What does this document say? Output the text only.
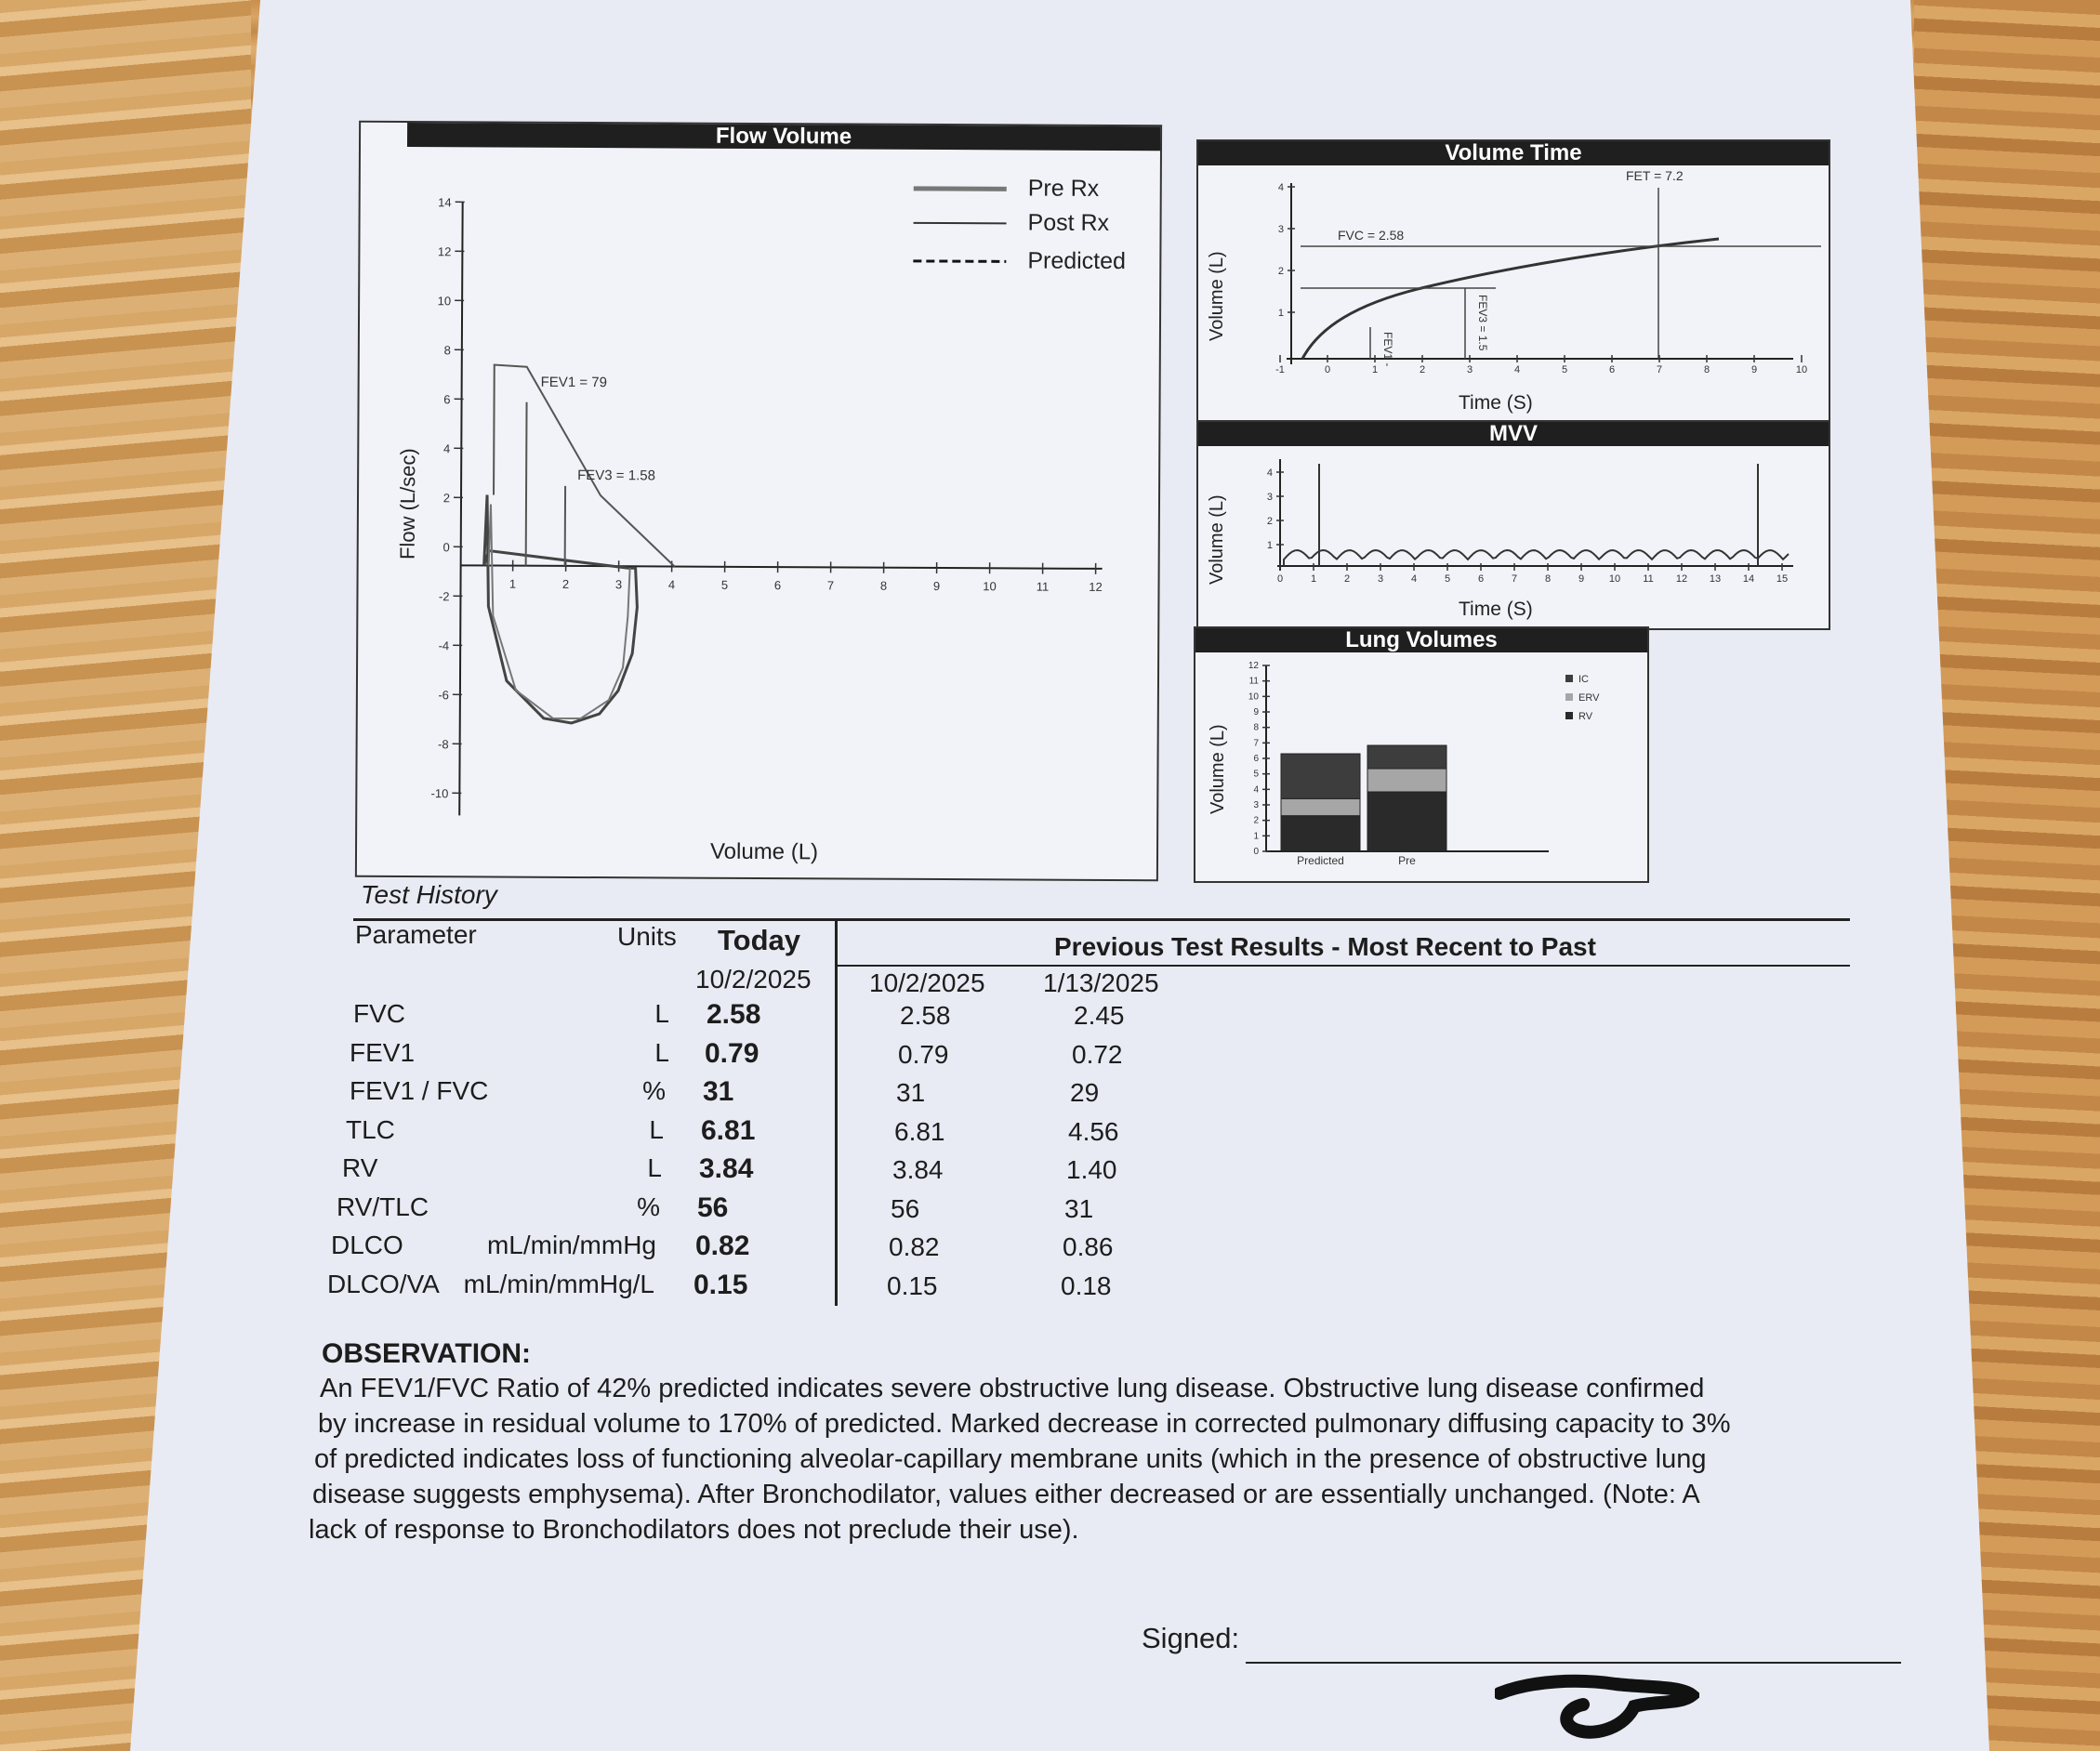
Flow Volume
Pre Rx
Post Rx
Predicted
14
12
10
8
6
4
2
0
-2
-4
-6
-8
-10
1	2	3	4	5	6	7	8	9	10	11	12
FEV1 = 79
FEV3 = 1.58
Flow (L/sec)
Volume (L)
Volume Time
FET = 7.2
FVC = 2.58
FEV1 -	FEV3 = 1.5
-1	0	1	2	3	4	5	6	7	8	9	10
1
2
3
4
Volume (L)
Time (S)
MVV
0	1	2	3	4	5	6	7	8	9 10 11 12 13 14 15
1
2
3
4
Volume (L)
Time (S)
Lung Volumes
0
1
2
3
4
5
6
7
8
9
10
11
12
Predicted	Pre
IC
ERV
RV
Volume (L)
Test History
Parameter	Units Today	Previous Test Results - Most Recent to Past
10/2/2025 10/2/2025 1/13/2025
FVC	L 2.58	2.58	2.45
FEV1	L 0.79	0.79	0.72
FEV1 / FVC	% 31	31	29
TLC	L 6.81	6.81	4.56
RV	L 3.84	3.84	1.40
RV/TLC	% 56	56	31
DLCO	mL/min/mmHg 0.82	0.82	0.86
DLCO/VA mL/min/mmHg/L 0.15	0.15	0.18
OBSERVATION:
An FEV1/FVC Ratio of 42% predicted indicates severe obstructive lung disease. Obstructive lung disease confirmed
by increase in residual volume to 170% of predicted. Marked decrease in corrected pulmonary diffusing capacity to 3%
of predicted indicates loss of functioning alveolar-capillary membrane units (which in the presence of obstructive lung
disease suggests emphysema). After Bronchodilator, values either decreased or are essentially unchanged. (Note: A
lack of response to Bronchodilators does not preclude their use).
Signed:
